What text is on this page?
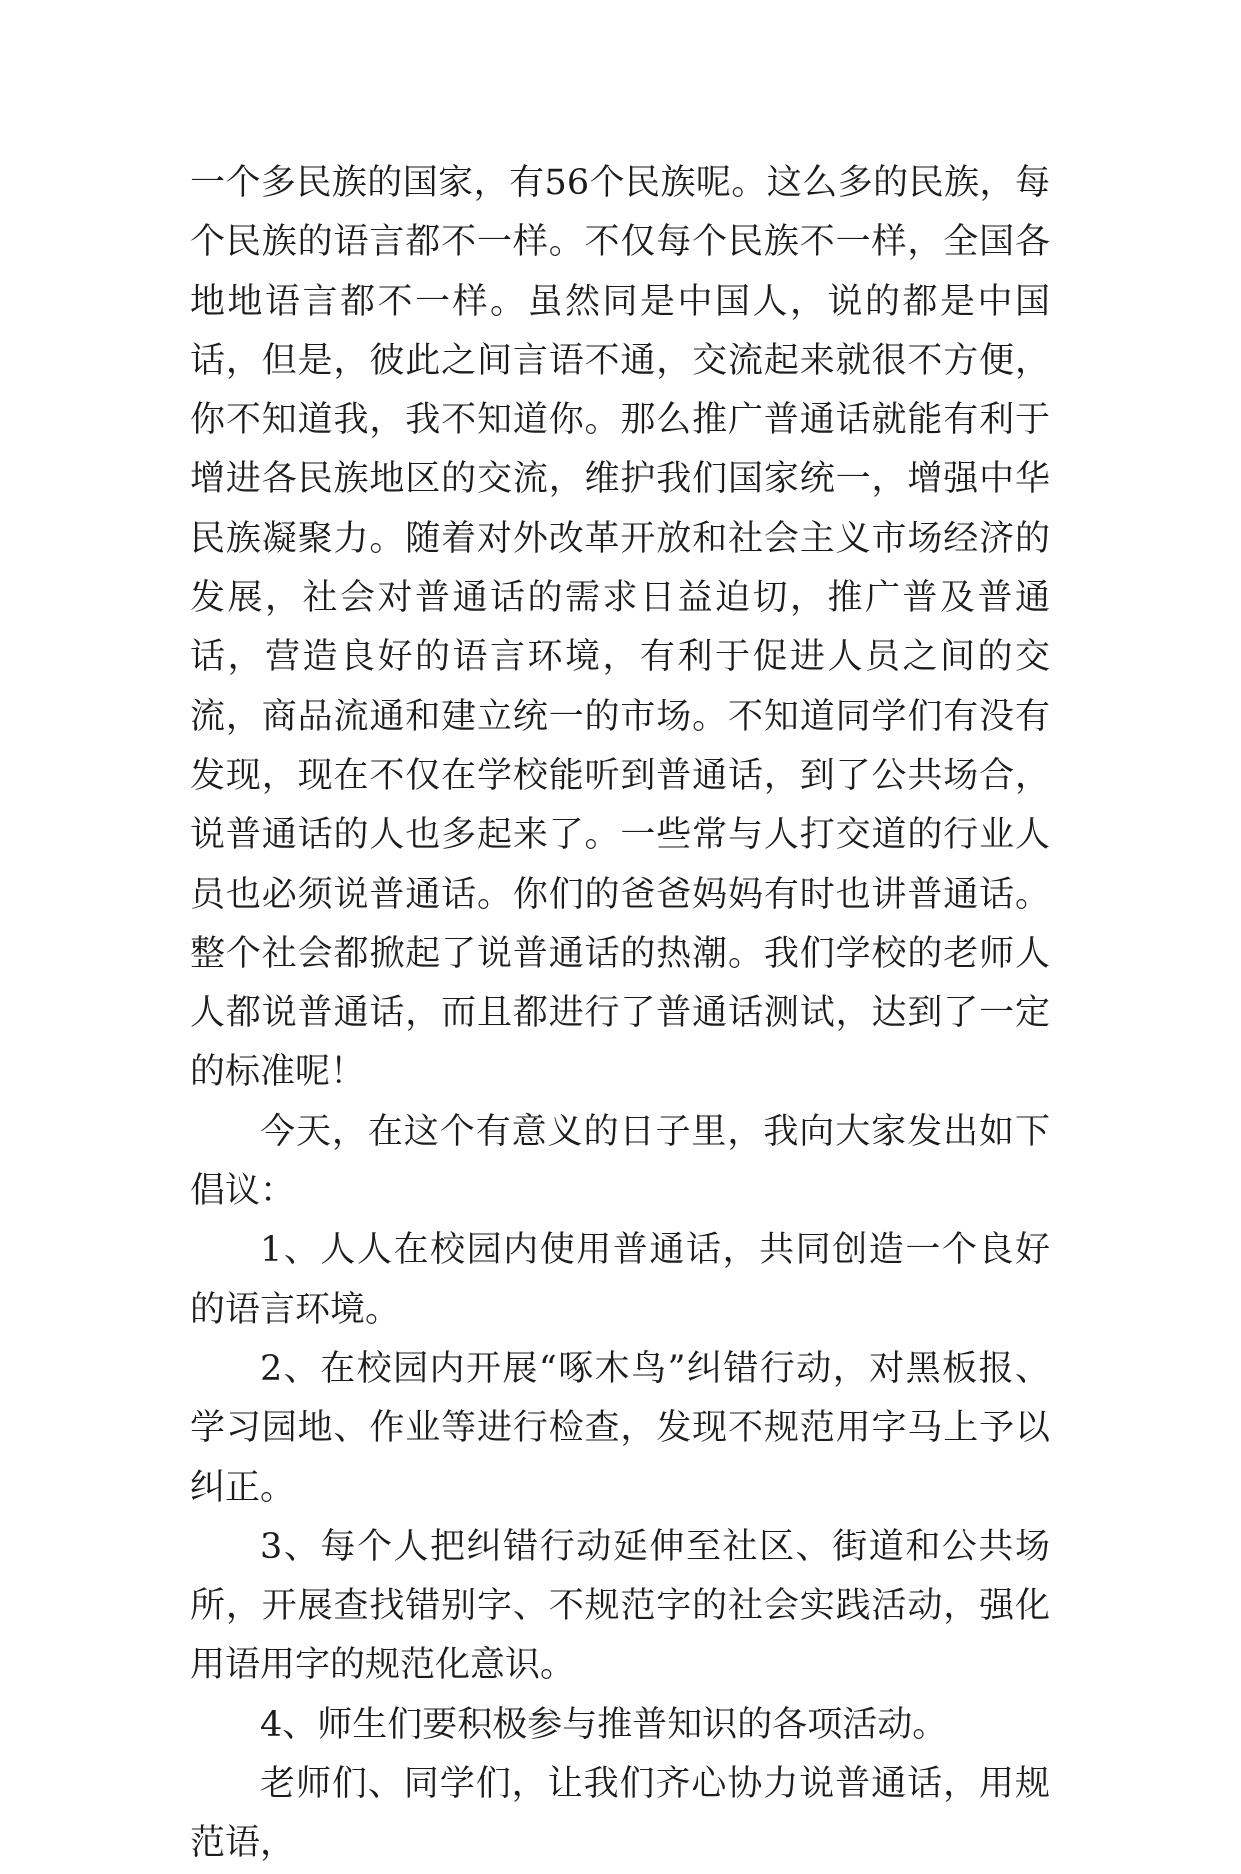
一个多民族的国家，有56个民族呢。这么多的民族，每个民族的语言都不一样。不仅每个民族不一样，全国各地地语言都不一样。虽然同是中国人，说的都是中国话，但是，彼此之间言语不通，交流起来就很不方便，你不知道我，我不知道你。那么推广普通话就能有利于增进各民族地区的交流，维护我们国家统一，增强中华民族凝聚力。随着对外改革开放和社会主义市场经济的发展，社会对普通话的需求日益迫切，推广普及普通话，营造良好的语言环境，有利于促进人员之间的交流，商品流通和建立统一的市场。不知道同学们有没有发现，现在不仅在学校能听到普通话，到了公共场合，说普通话的人也多起来了。一些常与人打交道的行业人员也必须说普通话。你们的爸爸妈妈有时也讲普通话。整个社会都掀起了说普通话的热潮。我们学校的老师人人都说普通话，而且都进行了普通话测试，达到了一定的标准呢！

今天，在这个有意义的日子里，我向大家发出如下倡议：

1、人人在校园内使用普通话，共同创造一个良好的语言环境。

2、在校园内开展“啄木鸟”纠错行动，对黑板报、学习园地、作业等进行检查，发现不规范用字马上予以纠正。

3、每个人把纠错行动延伸至社区、街道和公共场所，开展查找错别字、不规范字的社会实践活动，强化用语用字的规范化意识。

4、师生们要积极参与推普知识的各项活动。

老师们、同学们，让我们齐心协力说普通话，用规范语，
